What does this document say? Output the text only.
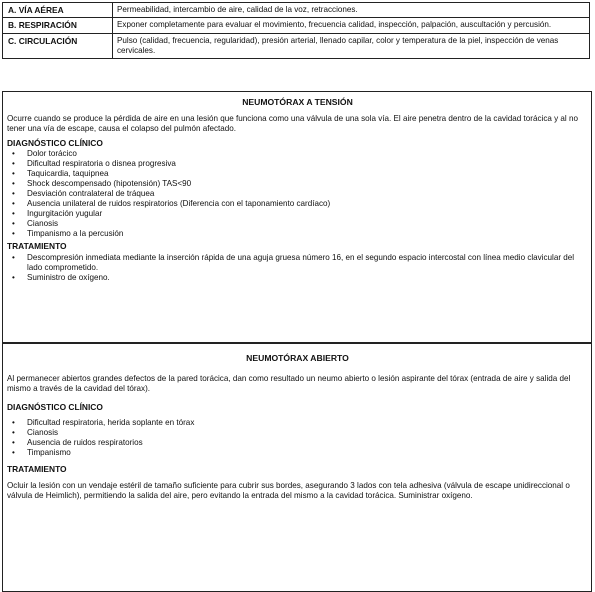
A. VÍA AÉREA	Permeabilidad, intercambio de aire, calidad de la voz, retracciones.
B. RESPIRACIÓN	Exponer completamente para evaluar el movimiento, frecuencia calidad, inspección, palpación, auscultación y percusión.
C. CIRCULACIÓN	Pulso (calidad, frecuencia, regularidad), presión arterial, llenado capilar, color y temperatura de la piel, inspección de venas cervicales.
NEUMOTÓRAX A TENSIÓN

Ocurre cuando se produce la pérdida de aire en una lesión que funciona como una válvula de una sola vía. El aire penetra dentro de la cavidad torácica y al no tener una vía de escape, causa el colapso del pulmón afectado.

DIAGNÓSTICO CLÍNICO
• Dolor torácico
• Dificultad respiratoria o disnea progresiva
• Taquicardia, taquipnea
• Shock descompensado (hipotensión) TAS<90
• Desviación contralateral de tráquea
• Ausencia unilateral de ruidos respiratorios (Diferencia con el taponamiento cardíaco)
• Ingurgitación yugular
• Cianosis
• Timpanismo a la percusión
TRATAMIENTO
• Descompresión inmediata mediante la inserción rápida de una aguja gruesa número 16, en el segundo espacio intercostal con línea medio clavicular del lado comprometido.
• Suministro de oxígeno.
NEUMOTÓRAX ABIERTO

Al permanecer abiertos grandes defectos de la pared torácica, dan como resultado un neumo abierto o lesión aspirante del tórax (entrada de aire y salida del mismo a través de la cavidad del tórax).

DIAGNÓSTICO CLÍNICO
• Dificultad respiratoria, herida soplante en tórax
• Cianosis
• Ausencia de ruidos respiratorios
• Timpanismo
TRATAMIENTO

Ocluir la lesión con un vendaje estéril de tamaño suficiente para cubrir sus bordes, asegurando 3 lados con tela adhesiva (válvula de escape unidireccional o válvula de Heimlich), permitiendo la salida del aire, pero evitando la entrada del mismo a la cavidad torácica. Suministrar oxígeno.
